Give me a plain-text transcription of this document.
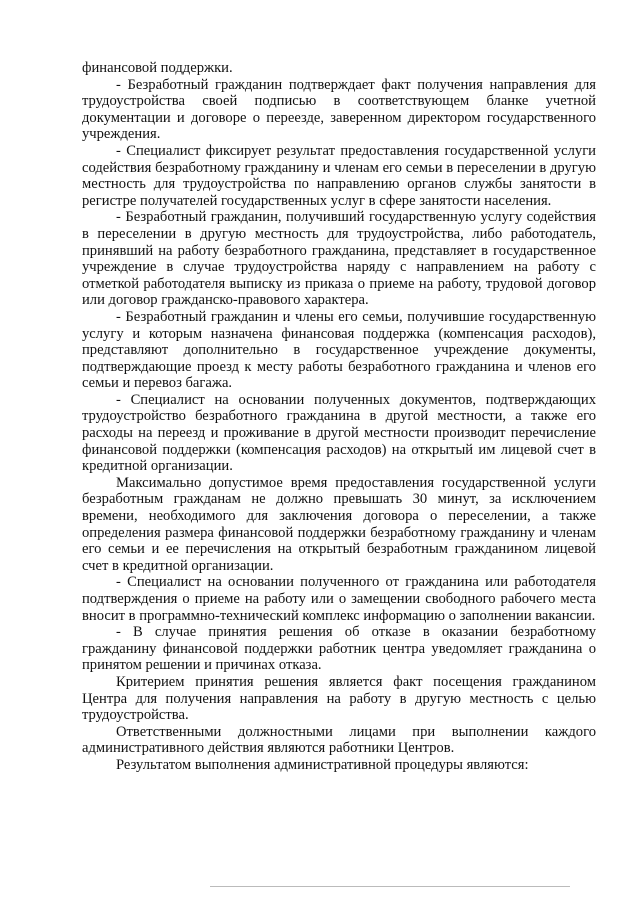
финансовой поддержки.

- Безработный гражданин подтверждает факт получения направления для трудоустройства своей подписью в соответствующем бланке учетной документации и договоре о переезде, заверенном директором государственного учреждения.

- Специалист фиксирует результат предоставления государственной услуги содействия безработному гражданину и членам его семьи в переселении в другую местность для трудоустройства по направлению органов службы занятости в регистре получателей государственных услуг в сфере занятости населения.

- Безработный гражданин, получивший государственную услугу содействия в переселении в другую местность для трудоустройства, либо работодатель, принявший на работу безработного гражданина, представляет в государственное учреждение в случае трудоустройства наряду с направлением на работу с отметкой работодателя выписку из приказа о приеме на работу, трудовой договор или договор гражданско-правового характера.

- Безработный гражданин и члены его семьи, получившие государственную услугу и которым назначена финансовая поддержка (компенсация расходов), представляют дополнительно в государственное учреждение документы, подтверждающие проезд к месту работы безработного гражданина и членов его семьи и перевоз багажа.

- Специалист на основании полученных документов, подтверждающих трудоустройство безработного гражданина в другой местности, а также его расходы на переезд и проживание в другой местности производит перечисление финансовой поддержки (компенсация расходов) на открытый им лицевой счет в кредитной организации.

Максимально допустимое время предоставления государственной услуги безработным гражданам не должно превышать 30 минут, за исключением времени, необходимого для заключения договора о переселении, а также определения размера финансовой поддержки безработному гражданину и членам его семьи и ее перечисления на открытый безработным гражданином лицевой счет в кредитной организации.

- Специалист на основании полученного от гражданина или работодателя подтверждения о приеме на работу или о замещении свободного рабочего места вносит в программно-технический комплекс информацию о заполнении вакансии.

- В случае принятия решения об отказе в оказании безработному гражданину финансовой поддержки работник центра уведомляет гражданина о принятом решении и причинах отказа.

Критерием принятия решения является факт посещения гражданином Центра для получения направления на работу в другую местность с целью трудоустройства.

Ответственными должностными лицами при выполнении каждого административного действия являются работники Центров.

Результатом выполнения административной процедуры являются:
